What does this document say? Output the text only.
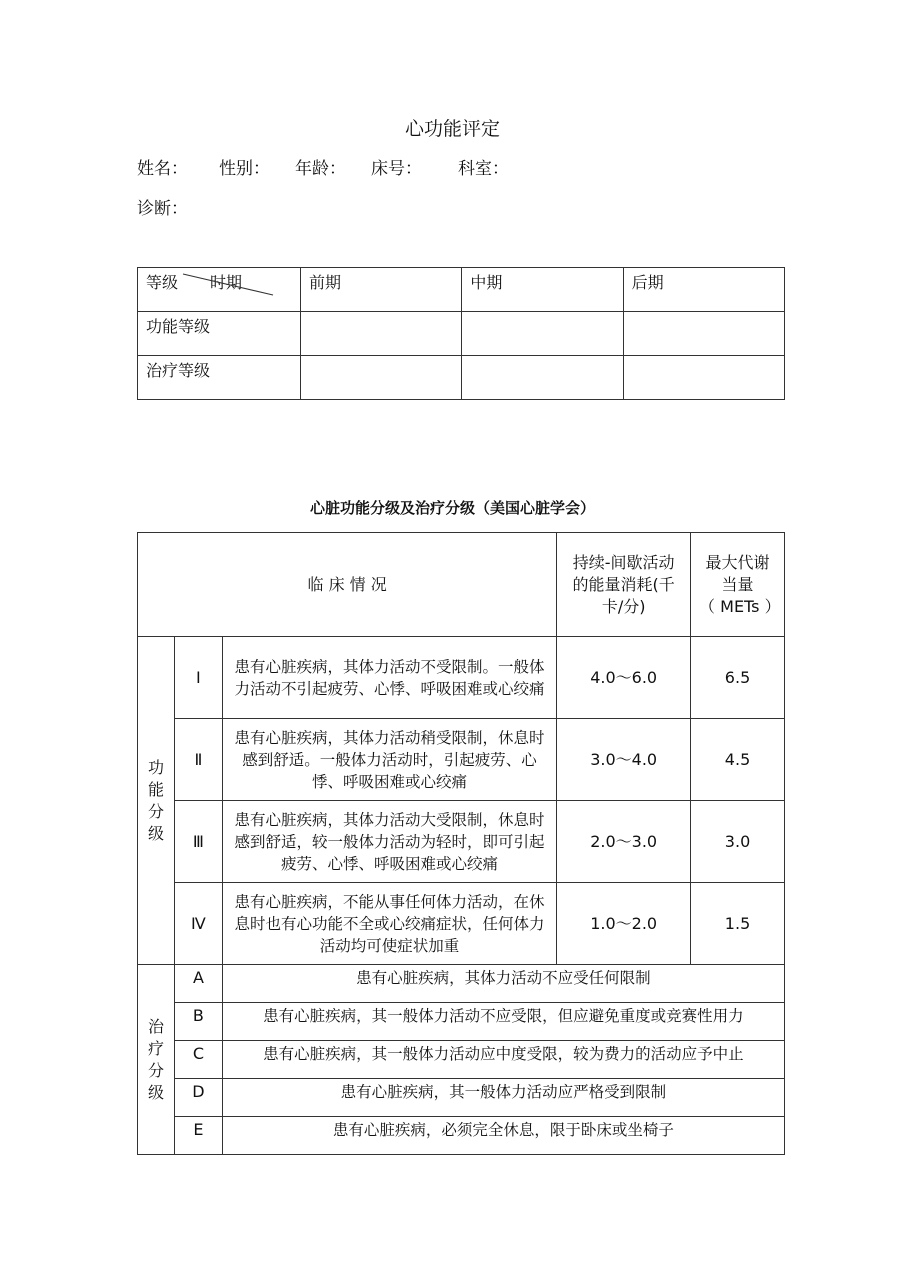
心功能评定
姓名： 性别： 年龄： 床号： 科室：
诊断：
等级 时期	前期	中期	后期
功能等级			
治疗等级			
心脏功能分级及治疗分级（美国心脏学会）
临 床 情 况			持续-间歇活动的能量消耗(千卡/分)	最大代谢当量
（ METs ）

功
能
分
级	Ⅰ	患有心脏疾病，其体力活动不受限制。一般体力活动不引起疲劳、心悸、呼吸困难或心绞痛	4.0～6.0	6.5
	Ⅱ	患有心脏疾病，其体力活动稍受限制，休息时感到舒适。一般体力活动时，引起疲劳、心悸、呼吸困难或心绞痛	3.0～4.0	4.5
	Ⅲ	患有心脏疾病，其体力活动大受限制，休息时感到舒适，较一般体力活动为轻时，即可引起疲劳、心悸、呼吸困难或心绞痛	2.0～3.0	3.0
	Ⅳ	患有心脏疾病，不能从事任何体力活动，在休息时也有心功能不全或心绞痛症状，任何体力活动均可使症状加重	1.0～2.0	1.5

治
疗
分
级	A	患有心脏疾病，其体力活动不应受任何限制		
	B	患有心脏疾病，其一般体力活动不应受限，但应避免重度或竞赛性用力		
	C	患有心脏疾病，其一般体力活动应中度受限，较为费力的活动应予中止		
	D	患有心脏疾病，其一般体力活动应严格受到限制		
	E	患有心脏疾病，必须完全休息，限于卧床或坐椅子		
